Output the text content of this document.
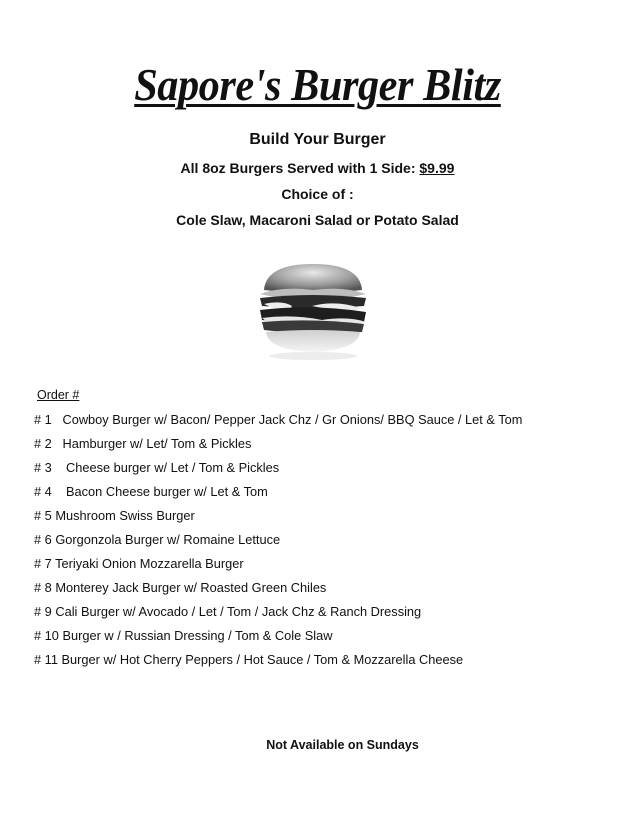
Sapore's Burger Blitz
Build Your Burger
All 8oz Burgers Served with 1 Side: $9.99
Choice of :
Cole Slaw, Macaroni Salad or Potato Salad
Order #
# 1   Cowboy Burger w/ Bacon/ Pepper Jack Chz / Gr Onions/ BBQ Sauce / Let & Tom
# 2   Hamburger w/ Let/ Tom & Pickles
# 3    Cheese burger w/ Let / Tom & Pickles
# 4    Bacon Cheese burger w/ Let & Tom
# 5 Mushroom Swiss Burger
# 6 Gorgonzola Burger w/ Romaine Lettuce
# 7 Teriyaki Onion Mozzarella Burger
# 8 Monterey Jack Burger w/ Roasted Green Chiles
# 9 Cali Burger w/ Avocado / Let / Tom / Jack Chz & Ranch Dressing
# 10 Burger w / Russian Dressing / Tom & Cole Slaw
# 11 Burger w/ Hot Cherry Peppers / Hot Sauce / Tom & Mozzarella Cheese
Not Available on Sundays
